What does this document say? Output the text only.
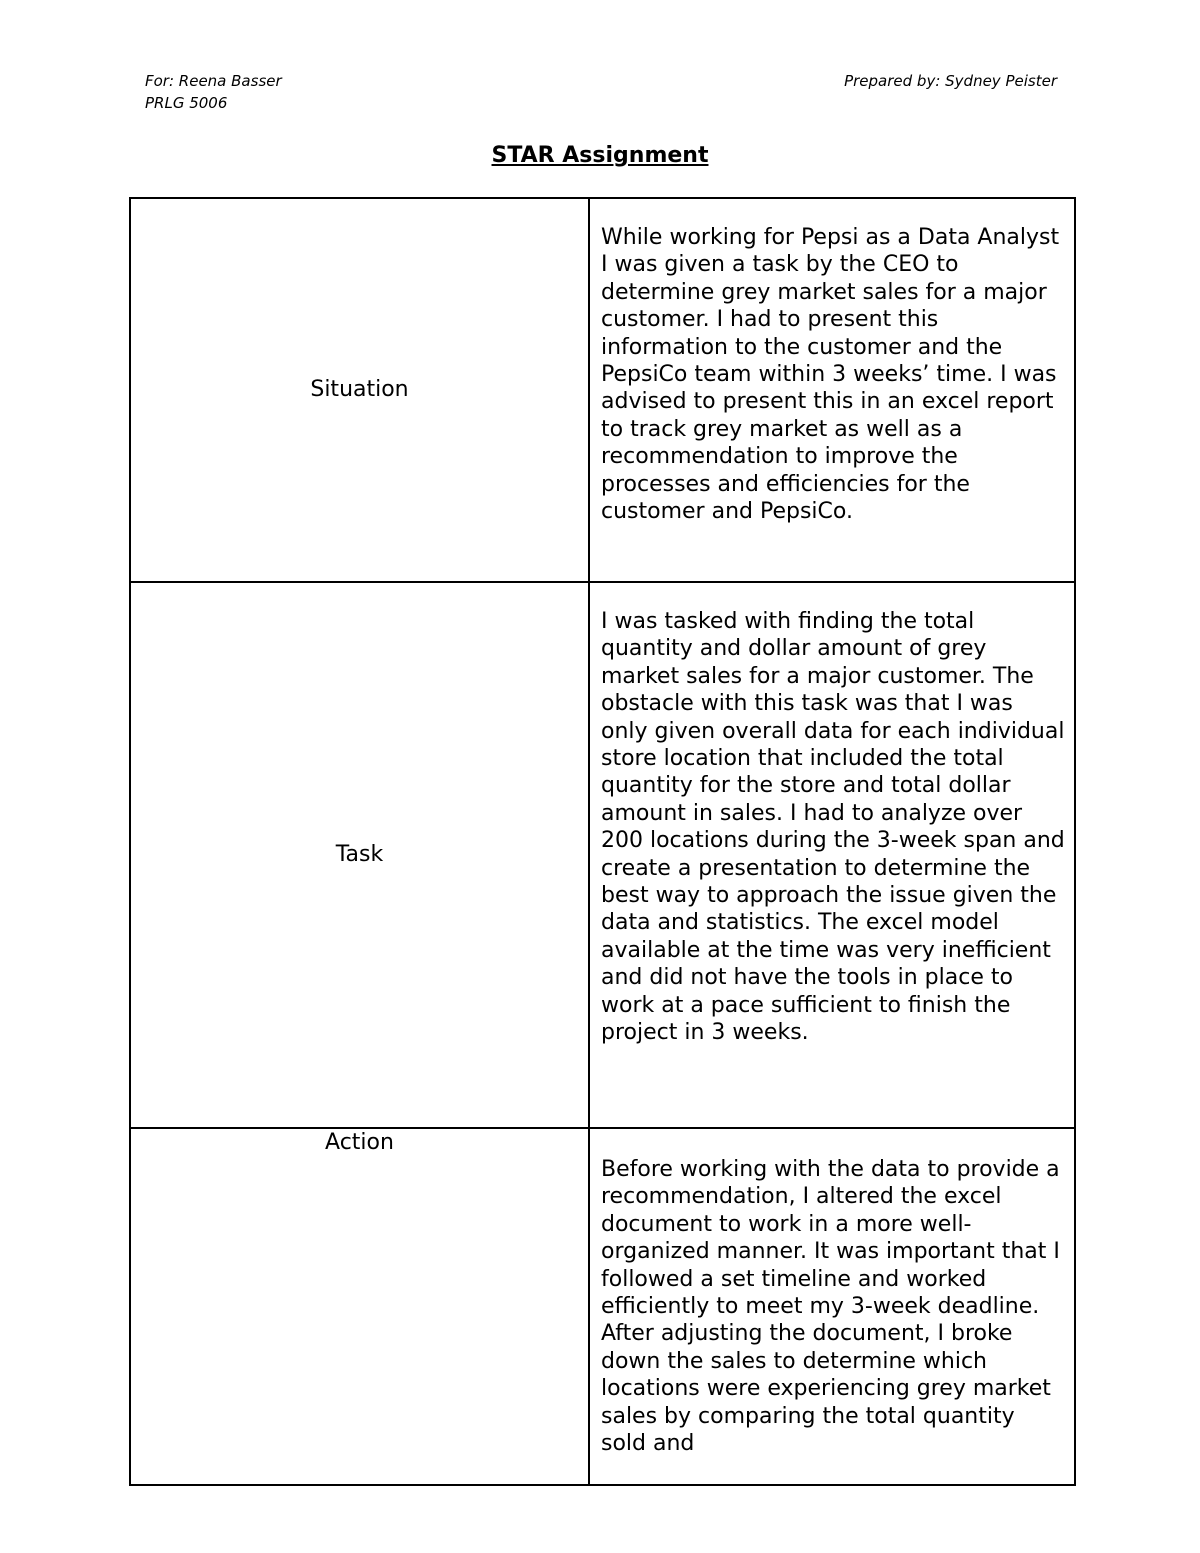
For: Reena Basser
PRLG 5006
Prepared by: Sydney Peister
STAR Assignment
Situation	While working for Pepsi as a Data Analyst I was given a task by the CEO to determine grey market sales for a major customer. I had to present this information to the customer and the PepsiCo team within 3 weeks’ time. I was advised to present this in an excel report to track grey market as well as a recommendation to improve the processes and efficiencies for the customer and PepsiCo.
Task	I was tasked with finding the total quantity and dollar amount of grey market sales for a major customer. The obstacle with this task was that I was only given overall data for each individual store location that included the total quantity for the store and total dollar amount in sales. I had to analyze over 200 locations during the 3-week span and create a presentation to determine the best way to approach the issue given the data and statistics. The excel model available at the time was very inefficient and did not have the tools in place to work at a pace sufficient to finish the project in 3 weeks.
Action	Before working with the data to provide a recommendation, I altered the excel document to work in a more well-organized manner. It was important that I followed a set timeline and worked efficiently to meet my 3-week deadline. After adjusting the document, I broke down the sales to determine which locations were experiencing grey market sales by comparing the total quantity sold and
